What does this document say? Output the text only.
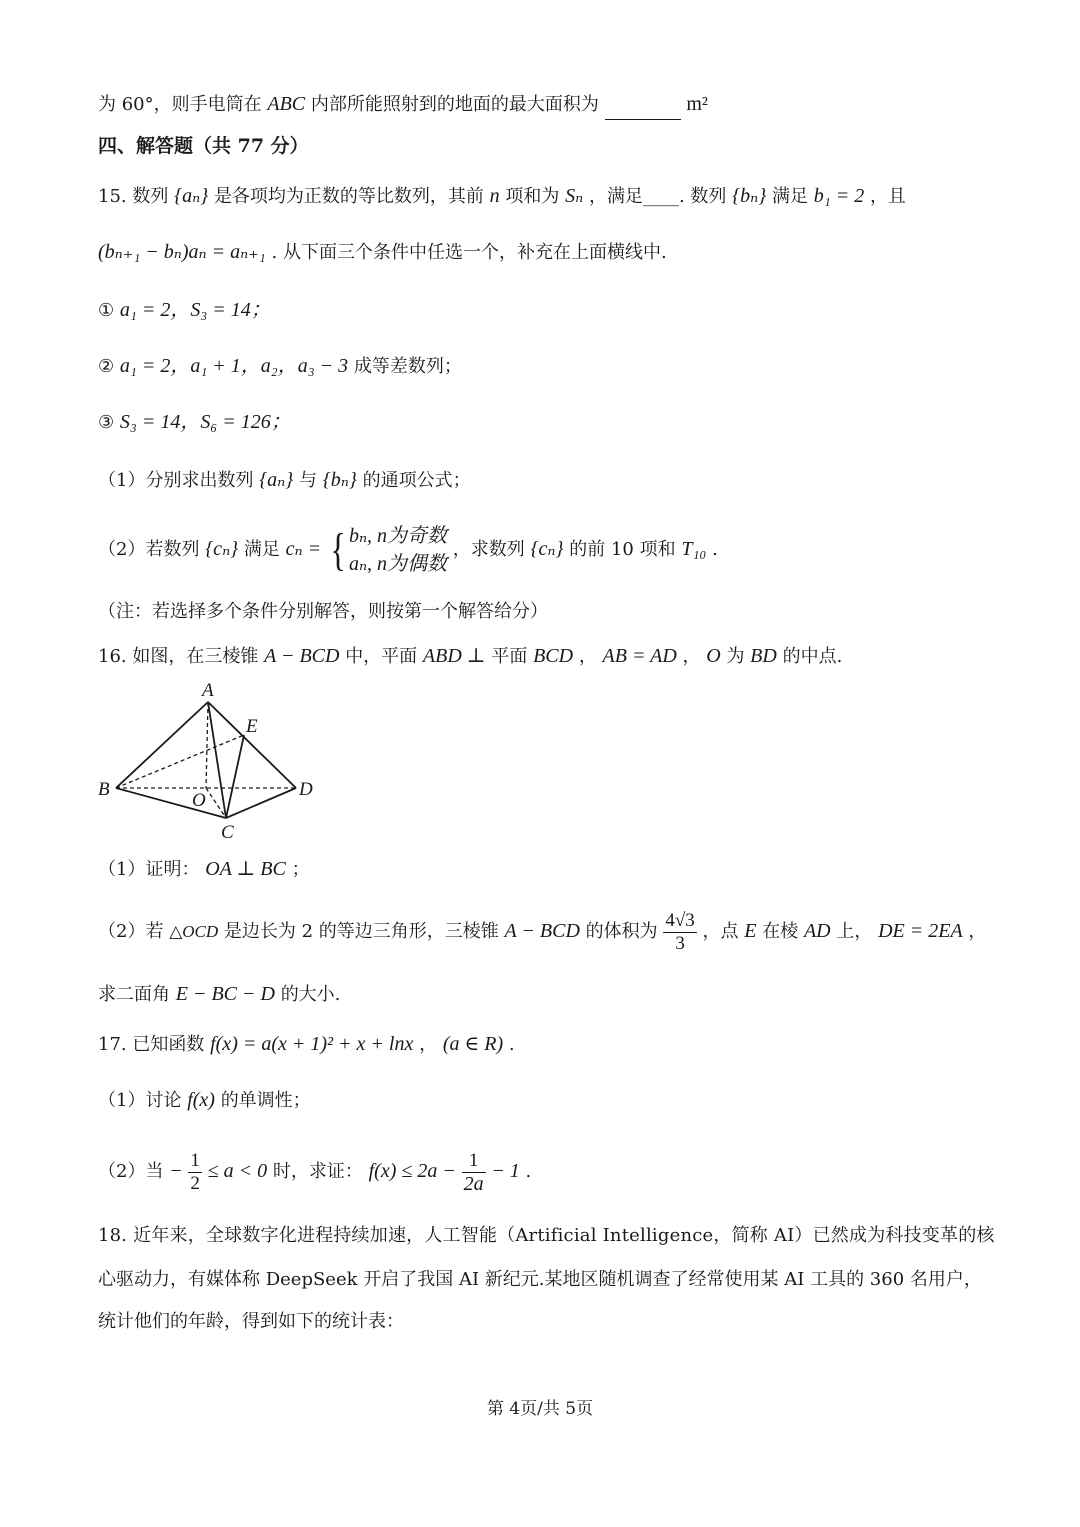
为 60°，则手电筒在 ABC 内部所能照射到的地面的最大面积为	m²
四、解答题（共 77 分）
15. 数列 {aₙ} 是各项均为正数的等比数列，其前 n 项和为 Sₙ ，满足____. 数列 {bₙ} 满足 b₁ = 2 ，且
(bₙ₊₁ − bₙ)aₙ = aₙ₊₁ . 从下面三个条件中任选一个，补充在上面横线中.
① a₁ = 2，S₃ = 14；
② a₁ = 2，a₁ + 1，a₂，a₃ − 3 成等差数列；
③ S₃ = 14，S₆ = 126；
（1）分别求出数列 {aₙ} 与 {bₙ} 的通项公式；
（2）若数列 {cₙ} 满足 cₙ = { bₙ, n为奇数
aₙ, n为偶数
，求数列 {cₙ} 的前 10 项和 T₁₀ .
（注：若选择多个条件分别解答，则按第一个解答给分）
16. 如图，在三棱锥 A − BCD 中，平面 ABD ⊥ 平面 BCD ， AB = AD ， O 为 BD 的中点.
A
E
B	D
O
C
（1）证明： OA ⊥ BC ；
（2）若 △OCD 是边长为 2 的等边三角形，三棱锥 A − BCD 的体积为 $\frac{4√3}{3}$ ，点 E 在棱 AD 上， DE = 2EA ，
求二面角 E − BC − D 的大小.
17. 已知函数 f(x) = a(x + 1)² + x + lnx ， (a ∈ R) .
（1）讨论 f(x) 的单调性；
（2）当 − $\frac{1}{2} \le a < 0$ 时，求证： $f(x) \le 2a - \frac{1}{2a} - 1$ .
18. 近年来，全球数字化进程持续加速，人工智能（Artificial Intelligence，简称 AI）已然成为科技变革的核
心驱动力，有媒体称 DeepSeek 开启了我国 AI 新纪元.某地区随机调查了经常使用某 AI 工具的 360 名用户，
统计他们的年龄，得到如下的统计表：
第 4页/共 5页
